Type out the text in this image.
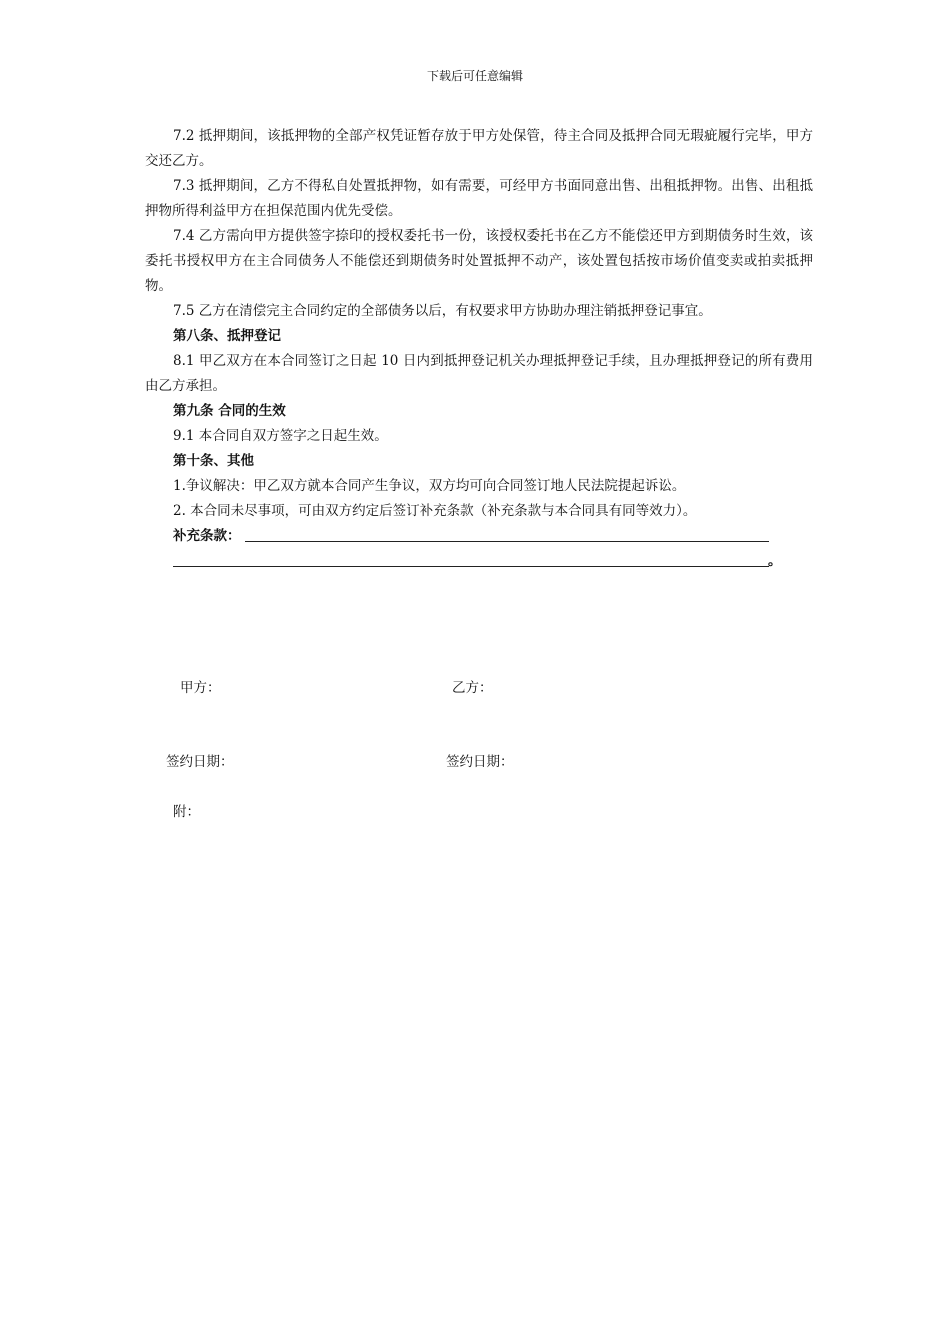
下载后可任意编辑

7.2 抵押期间，该抵押物的全部产权凭证暂存放于甲方处保管，待主合同及抵押合同无瑕疵履行完毕，甲方交还乙方。

7.3 抵押期间，乙方不得私自处置抵押物，如有需要，可经甲方书面同意出售、出租抵押物。出售、出租抵押物所得利益甲方在担保范围内优先受偿。

7.4 乙方需向甲方提供签字捺印的授权委托书一份，该授权委托书在乙方不能偿还甲方到期债务时生效，该委托书授权甲方在主合同债务人不能偿还到期债务时处置抵押不动产，该处置包括按市场价值变卖或拍卖抵押物。

7.5 乙方在清偿完主合同约定的全部债务以后，有权要求甲方协助办理注销抵押登记事宜。

第八条、抵押登记

8.1 甲乙双方在本合同签订之日起 10 日内到抵押登记机关办理抵押登记手续，且办理抵押登记的所有费用由乙方承担。

第九条 合同的生效

9.1 本合同自双方签字之日起生效。

第十条、其他

1.争议解决：甲乙双方就本合同产生争议，双方均可向合同签订地人民法院提起诉讼。

2. 本合同未尽事项，可由双方约定后签订补充条款（补充条款与本合同具有同等效力）。

补充条款：
。
甲方：	乙方：
签约日期：	签约日期：
附：
